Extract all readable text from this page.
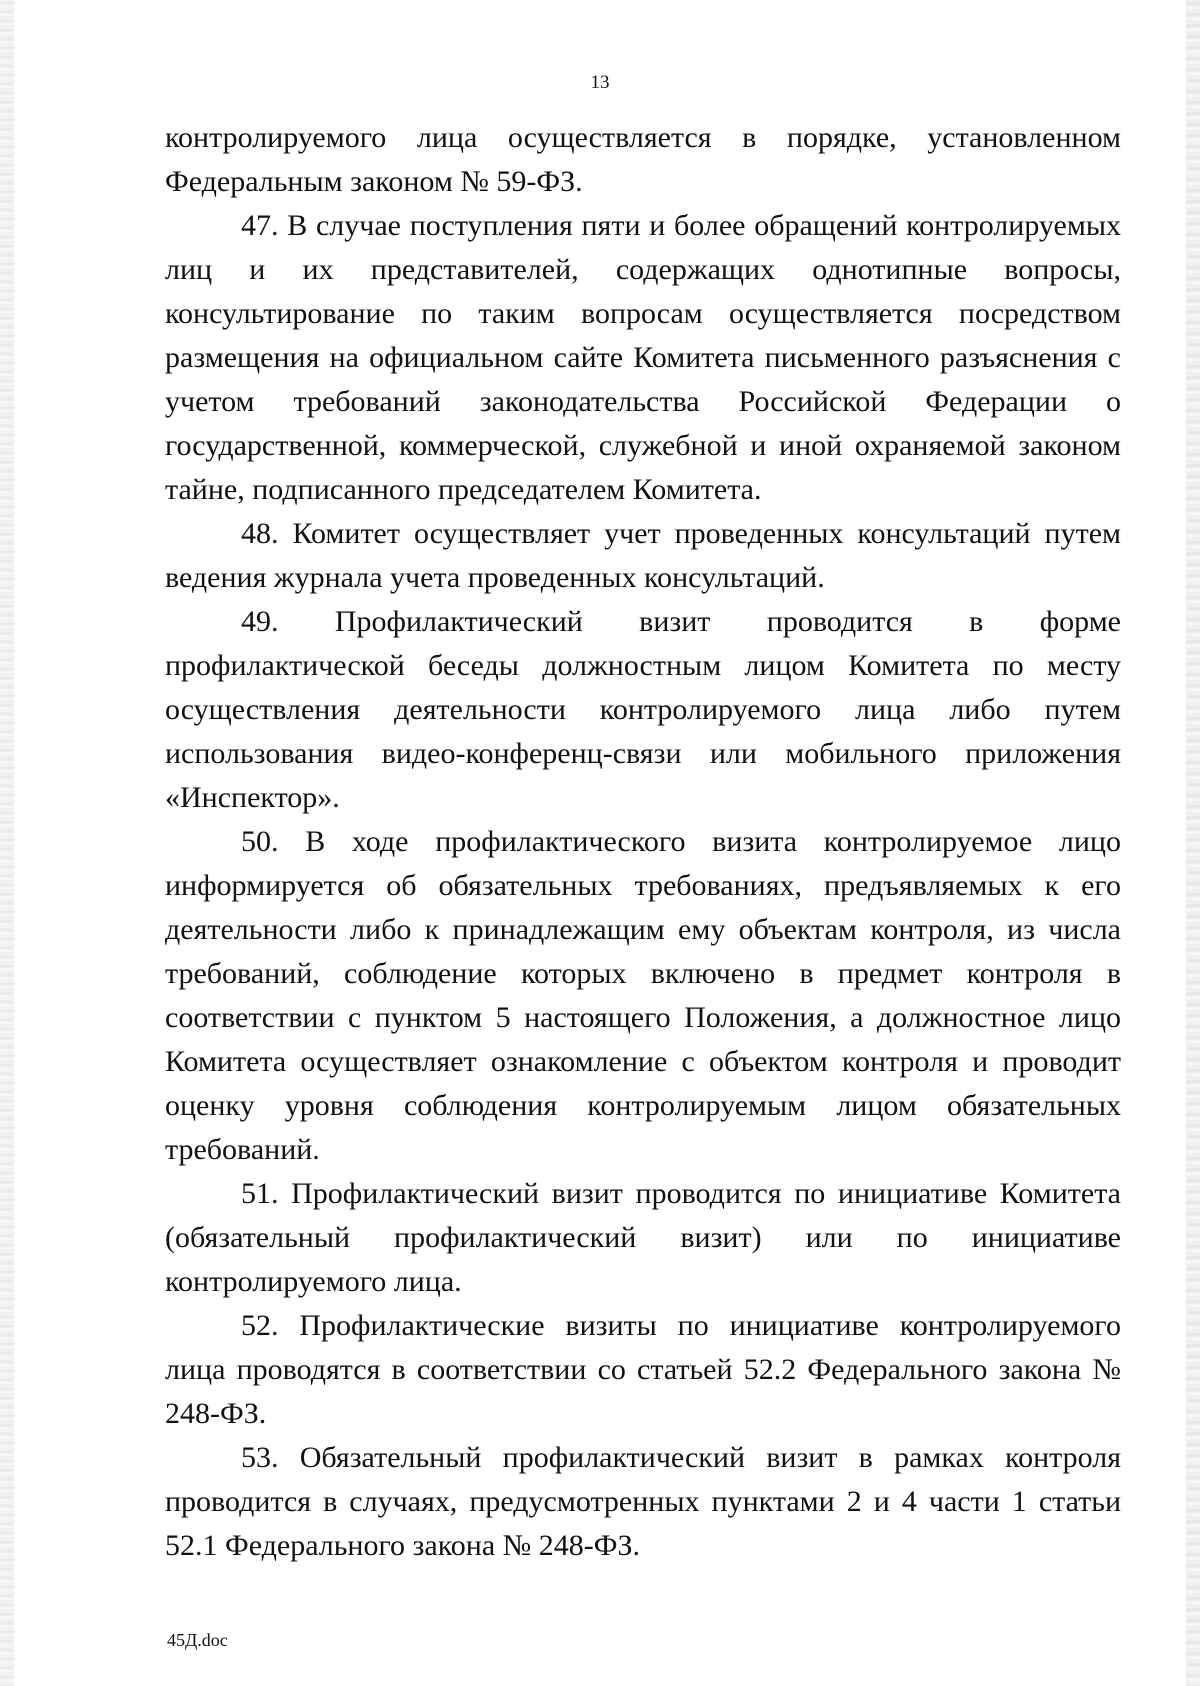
13

контролируемого лица осуществляется в порядке, установленном Федеральным законом № 59-ФЗ.

47. В случае поступления пяти и более обращений контролируемых лиц и их представителей, содержащих однотипные вопросы, консультирование по таким вопросам осуществляется посредством размещения на официальном сайте Комитета письменного разъяснения с учетом требований законодательства Российской Федерации о государственной, коммерческой, служебной и иной охраняемой законом тайне, подписанного председателем Комитета.

48. Комитет осуществляет учет проведенных консультаций путем ведения журнала учета проведенных консультаций.

49. Профилактический визит проводится в форме профилактической беседы должностным лицом Комитета по месту осуществления деятельности контролируемого лица либо путем использования видео-конференц-связи или мобильного приложения «Инспектор».

50. В ходе профилактического визита контролируемое лицо информируется об обязательных требованиях, предъявляемых к его деятельности либо к принадлежащим ему объектам контроля, из числа требований, соблюдение которых включено в предмет контроля в соответствии с пунктом 5 настоящего Положения, а должностное лицо Комитета осуществляет ознакомление с объектом контроля и проводит оценку уровня соблюдения контролируемым лицом обязательных требований.

51. Профилактический визит проводится по инициативе Комитета (обязательный профилактический визит) или по инициативе контролируемого лица.

52. Профилактические визиты по инициативе контролируемого лица проводятся в соответствии со статьей 52.2 Федерального закона № 248-ФЗ.

53. Обязательный профилактический визит в рамках контроля проводится в случаях, предусмотренных пунктами 2 и 4 части 1 статьи 52.1 Федерального закона № 248-ФЗ.

45Д.doc
